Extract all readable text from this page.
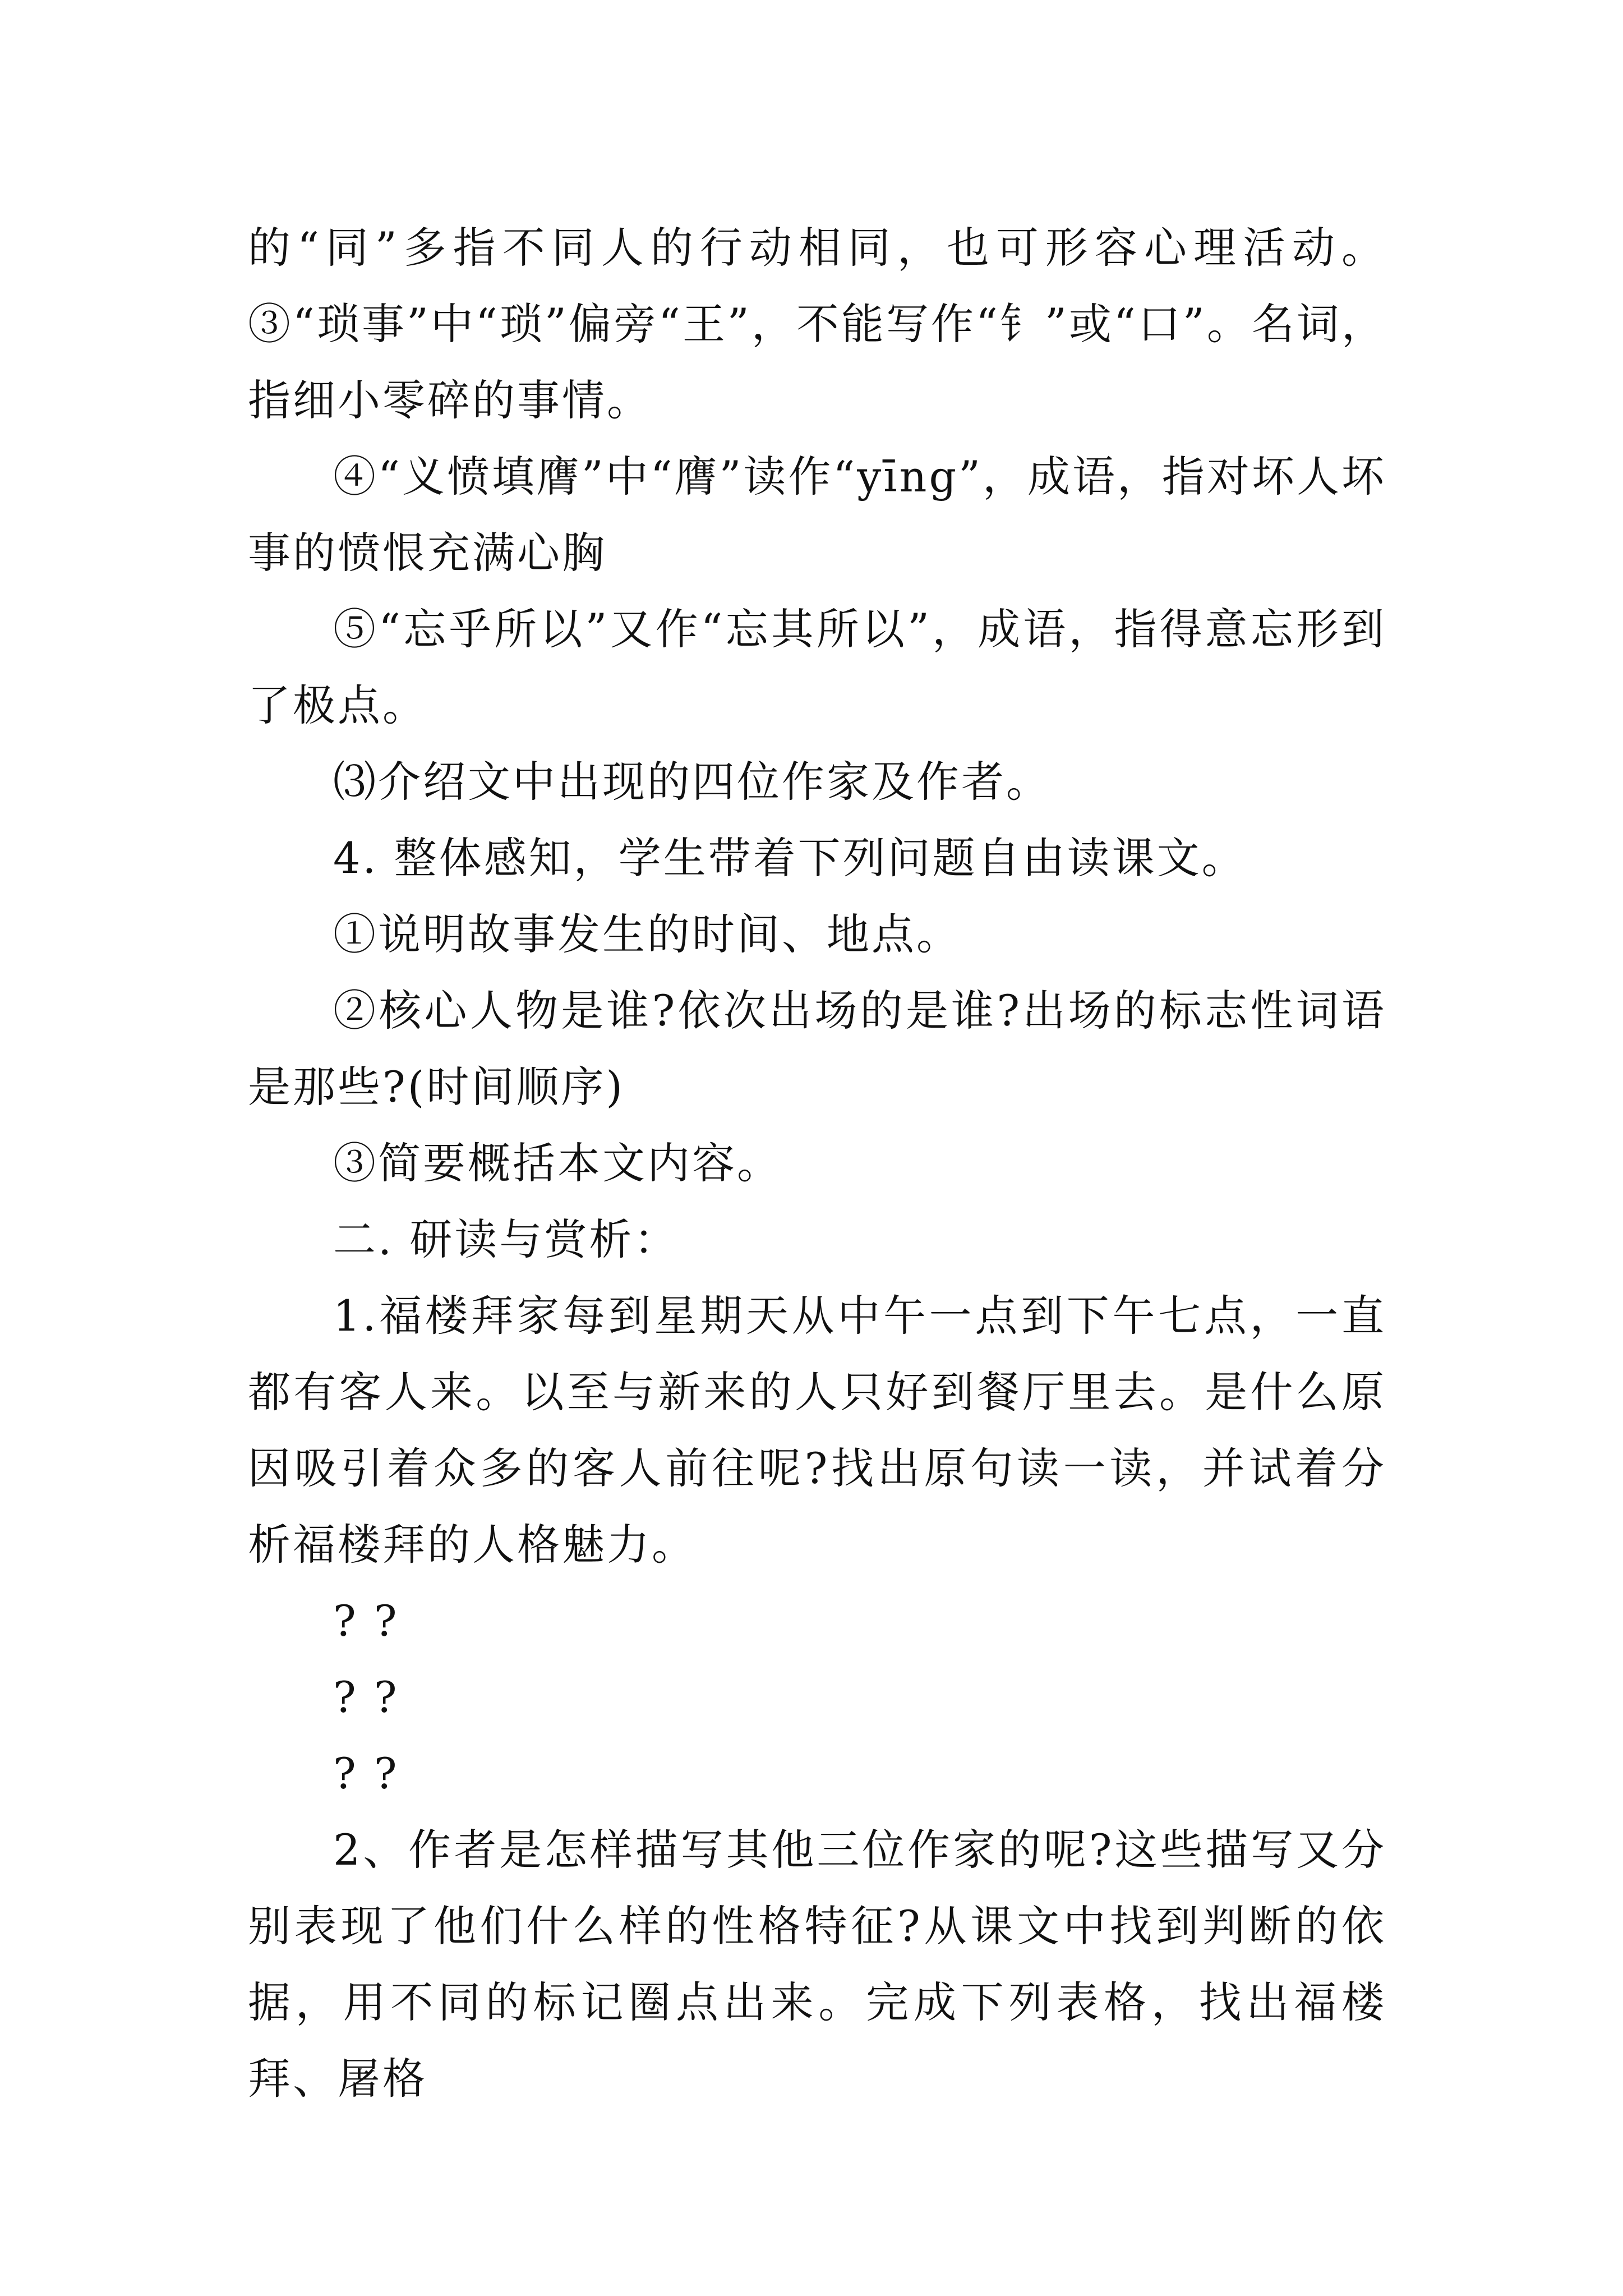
的“同”多指不同人的行动相同，也可形容心理活动。 ③“琐事”中“琐”偏旁“王”，不能写作“钅”或“口”。名词，指细小零碎的事情。

④“义愤填膺”中“膺”读作“yīng”，成语，指对坏人坏事的愤恨充满心胸

⑤“忘乎所以”又作“忘其所以”，成语，指得意忘形到了极点。

⑶介绍文中出现的四位作家及作者。

4. 整体感知，学生带着下列问题自由读课文。

①说明故事发生的时间、地点。

②核心人物是谁?依次出场的是谁?出场的标志性词语是那些?(时间顺序)

③简要概括本文内容。

二. 研读与赏析：

1.福楼拜家每到星期天从中午一点到下午七点，一直都有客人来。以至与新来的人只好到餐厅里去。是什么原因吸引着众多的客人前往呢?找出原句读一读，并试着分析福楼拜的人格魅力。

? ?

? ?

? ?

2、作者是怎样描写其他三位作家的呢?这些描写又分别表现了他们什么样的性格特征?从课文中找到判断的依据，用不同的标记圈点出来。完成下列表格，找出福楼拜、屠格
